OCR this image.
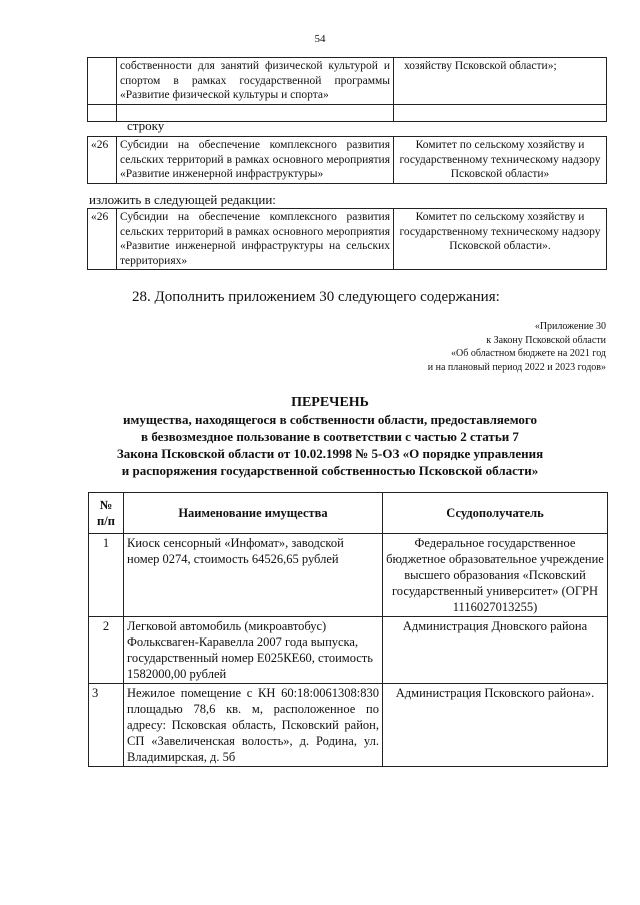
54
	собственности для занятий физической культурой и спортом в рамках государственной программы «Развитие физической культуры и спорта»	хозяйству Псковской области»;

строку
«26	Субсидии на обеспечение комплексного развития сельских территорий в рамках основного мероприятия «Развитие инженерной инфраструктуры»	Комитет по сельскому хозяйству и государственному техническому надзору Псковской области»
изложить в следующей редакции:
«26	Субсидии на обеспечение комплексного развития сельских территорий в рамках основного мероприятия «Развитие инженерной инфраструктуры на сельских территориях»	Комитет по сельскому хозяйству и государственному техническому надзору Псковской области».
28. Дополнить приложением 30 следующего содержания:
«Приложение 30
к Закону Псковской области
«Об областном бюджете на 2021 год
и на плановый период 2022 и 2023 годов»
ПЕРЕЧЕНЬ
имущества, находящегося в собственности области, предоставляемого
в безвозмездное пользование в соответствии с частью 2 статьи 7
Закона Псковской области от 10.02.1998 № 5-ОЗ «О порядке управления
и распоряжения государственной собственностью Псковской области»
№ п/п	Наименование имущества	Ссудополучатель
1	Киоск сенсорный «Инфомат», заводской номер 0274, стоимость 64526,65 рублей	Федеральное государственное бюджетное образовательное учреждение высшего образования «Псковский государственный университет» (ОГРН 1116027013255)
2	Легковой автомобиль (микроавтобус) Фольксваген-Каравелла 2007 года выпуска, государственный номер Е025КЕ60, стоимость 1582000,00 рублей	Администрация Дновского района
3	Нежилое помещение с КН 60:18:0061308:830 площадью 78,6 кв. м, расположенное по адресу: Псковская область, Псковский район, СП «Завеличенская волость», д. Родина, ул. Владимирская, д. 5б	Администрация Псковского района».
